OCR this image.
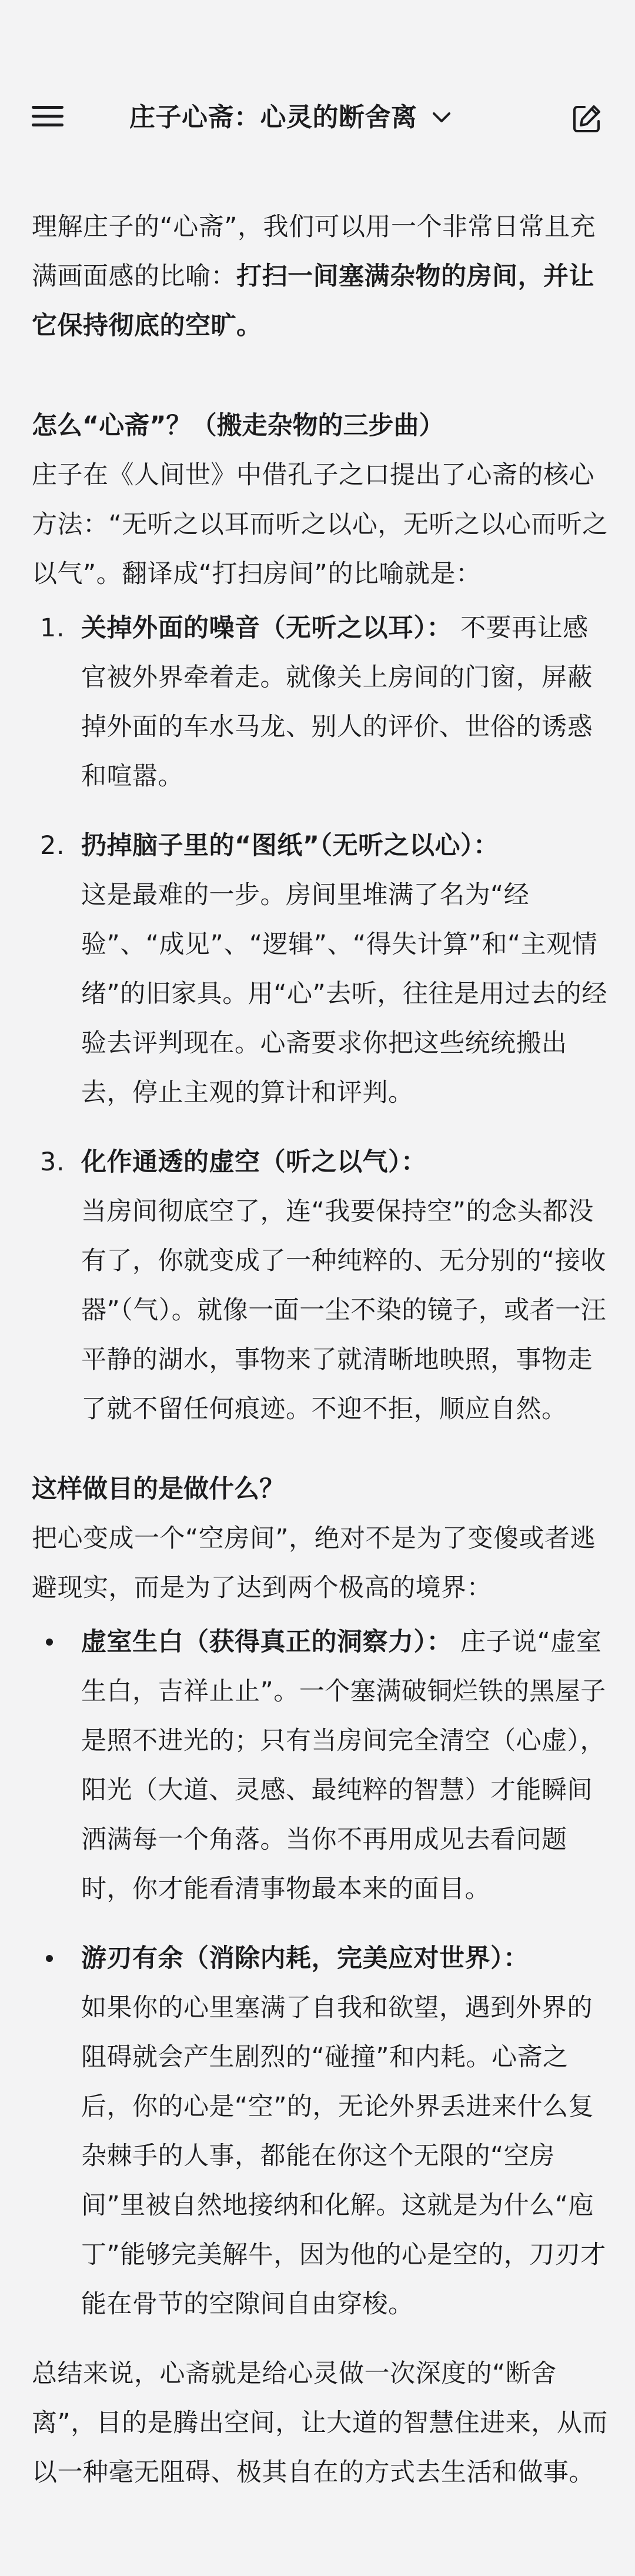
庄子心斋：心灵的断舍离

理解庄子的“心斋”，我们可以用一个非常日常且充满画面感的比喻：打扫一间塞满杂物的房间，并让它保持彻底的空旷。

怎么“心斋”？（搬走杂物的三步曲）

庄子在《人间世》中借孔子之口提出了心斋的核心方法：“无听之以耳而听之以心，无听之以心而听之以气”。翻译成“打扫房间”的比喻就是：

1. 关掉外面的噪音（无听之以耳）： 不要再让感官被外界牵着走。就像关上房间的门窗，屏蔽掉外面的车水马龙、别人的评价、世俗的诱惑和喧嚣。
2. 扔掉脑子里的“图纸”（无听之以心）：
这是最难的一步。房间里堆满了名为“经验”、“成见”、“逻辑”、“得失计算”和“主观情绪”的旧家具。用“心”去听，往往是用过去的经验去评判现在。心斋要求你把这些统统搬出去，停止主观的算计和评判。
3. 化作通透的虚空（听之以气）：
当房间彻底空了，连“我要保持空”的念头都没有了，你就变成了一种纯粹的、无分别的“接收器”（气）。就像一面一尘不染的镜子，或者一汪平静的湖水，事物来了就清晰地映照，事物走了就不留任何痕迹。不迎不拒，顺应自然。
这样做目的是做什么？

把心变成一个“空房间”，绝对不是为了变傻或者逃避现实，而是为了达到两个极高的境界：

虚室生白（获得真正的洞察力）： 庄子说“虚室生白，吉祥止止”。一个塞满破铜烂铁的黑屋子是照不进光的；只有当房间完全清空（心虚），阳光（大道、灵感、最纯粹的智慧）才能瞬间洒满每一个角落。当你不再用成见去看问题时，你才能看清事物最本来的面目。
游刃有余（消除内耗，完美应对世界）：
如果你的心里塞满了自我和欲望，遇到外界的阻碍就会产生剧烈的“碰撞”和内耗。心斋之后，你的心是“空”的，无论外界丢进来什么复杂棘手的人事，都能在你这个无限的“空房间”里被自然地接纳和化解。这就是为什么“庖丁”能够完美解牛，因为他的心是空的，刀刃才能在骨节的空隙间自由穿梭。

总结来说，心斋就是给心灵做一次深度的“断舍离”，目的是腾出空间，让大道的智慧住进来，从而以一种毫无阻碍、极其自在的方式去生活和做事。
